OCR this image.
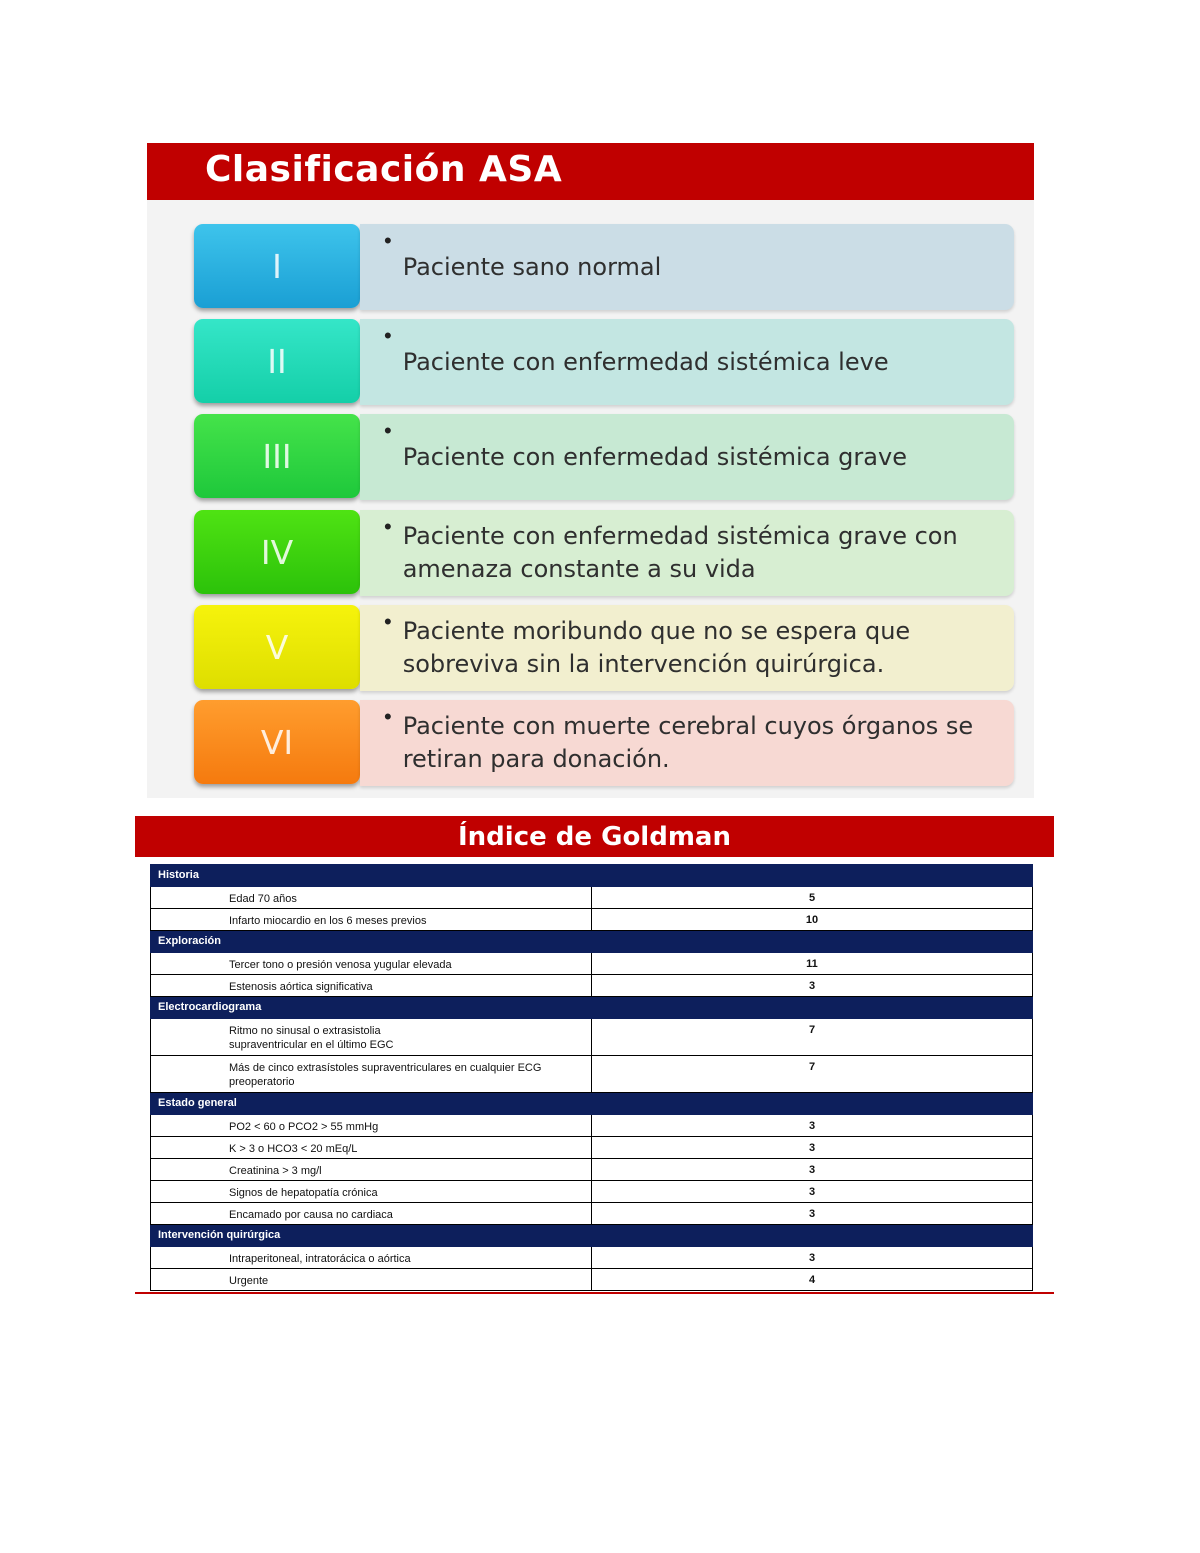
Clasificación ASA
I
•
Paciente sano normal
II
•
Paciente con enfermedad sistémica leve
III
•
Paciente con enfermedad sistémica grave
IV
• Paciente con enfermedad sistémica grave con amenaza constante a su vida
V
• Paciente moribundo que no se espera que sobreviva sin la intervención quirúrgica.
VI
• Paciente con muerte cerebral cuyos órganos se retiran para donación.
Índice de Goldman
Historia	
Edad 70 años	5
Infarto miocardio en los 6 meses previos	10
Exploración	
Tercer tono o presión venosa yugular elevada	11
Estenosis aórtica significativa	3
Electrocardiograma	
Ritmo no sinusal o extrasistolia supraventricular en el último EGC	7
Más de cinco extrasístoles supraventriculares en cualquier ECG preoperatorio	7
Estado general	
PO2 < 60 o PCO2 > 55 mmHg	3
K > 3 o HCO3 < 20 mEq/L	3
Creatinina > 3 mg/l	3
Signos de hepatopatía crónica	3
Encamado por causa no cardiaca	3
Intervención quirúrgica	
Intraperitoneal, intratorácica o aórtica	3
Urgente	4
